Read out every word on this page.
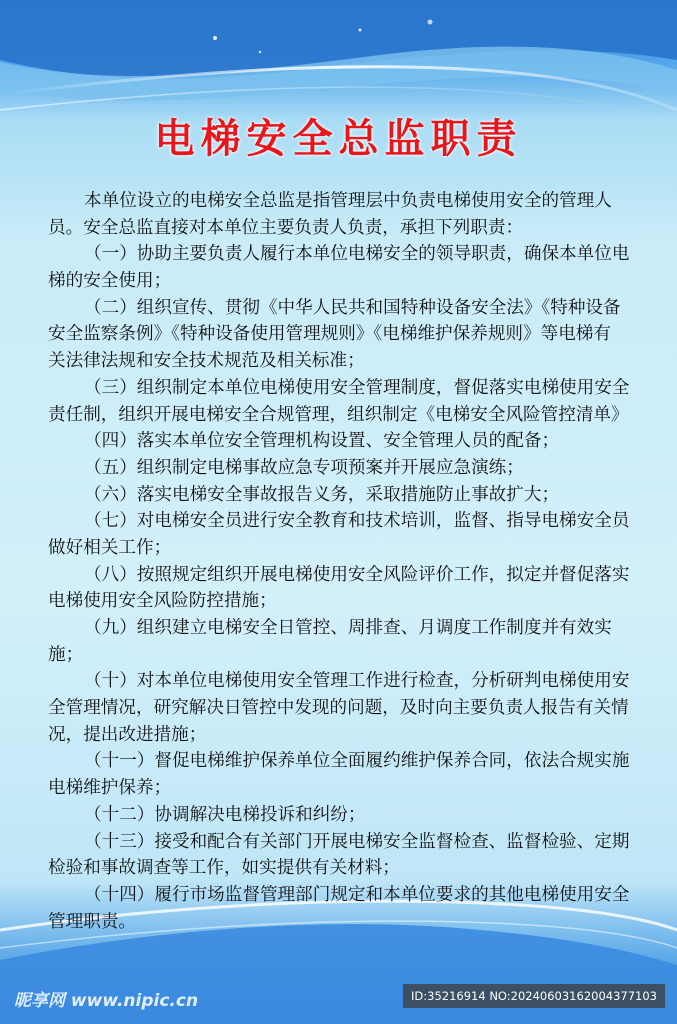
电梯安全总监职责
本单位设立的电梯安全总监是指管理层中负责电梯使用安全的管理人
员。安全总监直接对本单位主要负责人负责，承担下列职责：
（一）协助主要负责人履行本单位电梯安全的领导职责，确保本单位电
梯的安全使用；
（二）组织宣传、贯彻《中华人民共和国特种设备安全法》《特种设备
安全监察条例》《特种设备使用管理规则》《电梯维护保养规则》等电梯有
关法律法规和安全技术规范及相关标准；
（三）组织制定本单位电梯使用安全管理制度，督促落实电梯使用安全
责任制，组织开展电梯安全合规管理，组织制定《电梯安全风险管控清单》
（四）落实本单位安全管理机构设置、安全管理人员的配备；
（五）组织制定电梯事故应急专项预案并开展应急演练；
（六）落实电梯安全事故报告义务，采取措施防止事故扩大；
（七）对电梯安全员进行安全教育和技术培训，监督、指导电梯安全员
做好相关工作；
（八）按照规定组织开展电梯使用安全风险评价工作，拟定并督促落实
电梯使用安全风险防控措施；
（九）组织建立电梯安全日管控、周排查、月调度工作制度并有效实
施；
（十）对本单位电梯使用安全管理工作进行检查，分析研判电梯使用安
全管理情况，研究解决日管控中发现的问题，及时向主要负责人报告有关情
况，提出改进措施；
（十一）督促电梯维护保养单位全面履约维护保养合同，依法合规实施
电梯维护保养；
（十二）协调解决电梯投诉和纠纷；
（十三）接受和配合有关部门开展电梯安全监督检查、监督检验、定期
检验和事故调查等工作，如实提供有关材料；
（十四）履行市场监督管理部门规定和本单位要求的其他电梯使用安全
管理职责。
昵享网 www.nipic.cn	ID:35216914 NO:20240603162004377103
